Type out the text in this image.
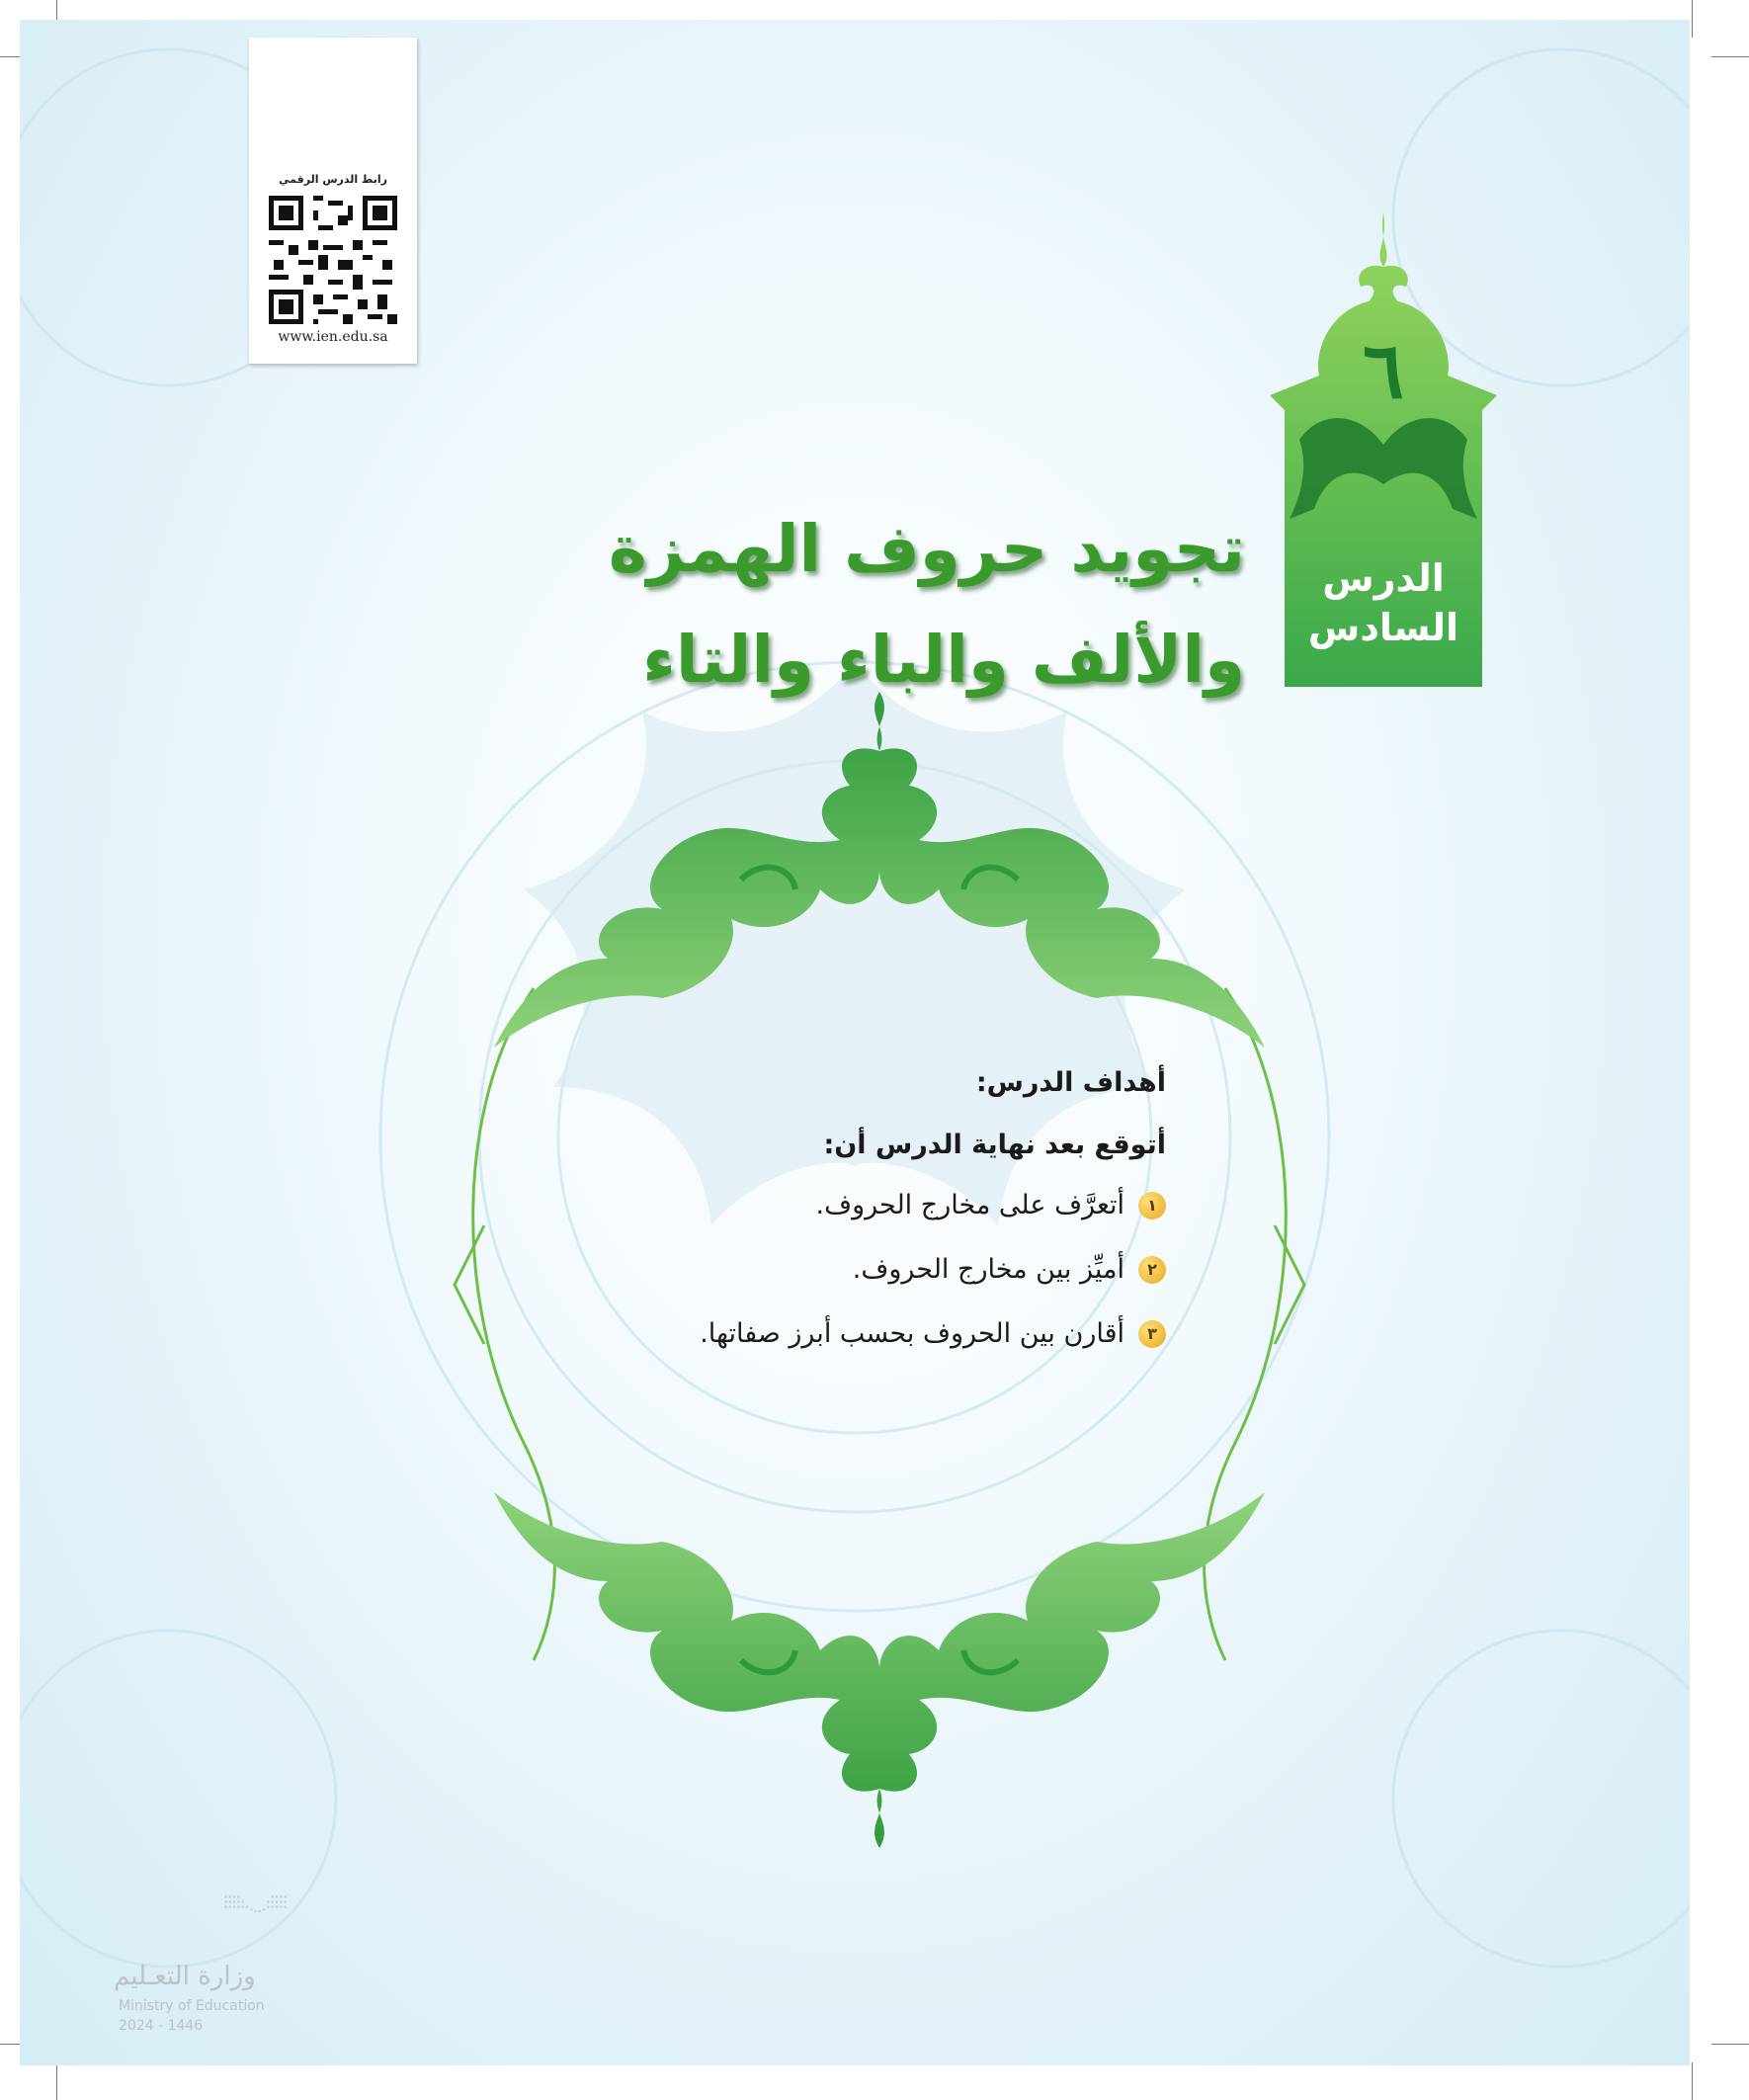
رابط الدرس الرقمي
www.ien.edu.sa	٦
الدرس
السادس
تجويد حروف الهمزة
والألف والباء والتاء
أهداف الدرس:
أتوقع بعد نهاية الدرس أن:
١
أتعرَّف على مخارج الحروف.
٢
أميِّز بين مخارج الحروف.
٣
أقارن بين الحروف بحسب أبرز صفاتها.
وزارة التعـليم
Ministry of Education
2024 - 1446
